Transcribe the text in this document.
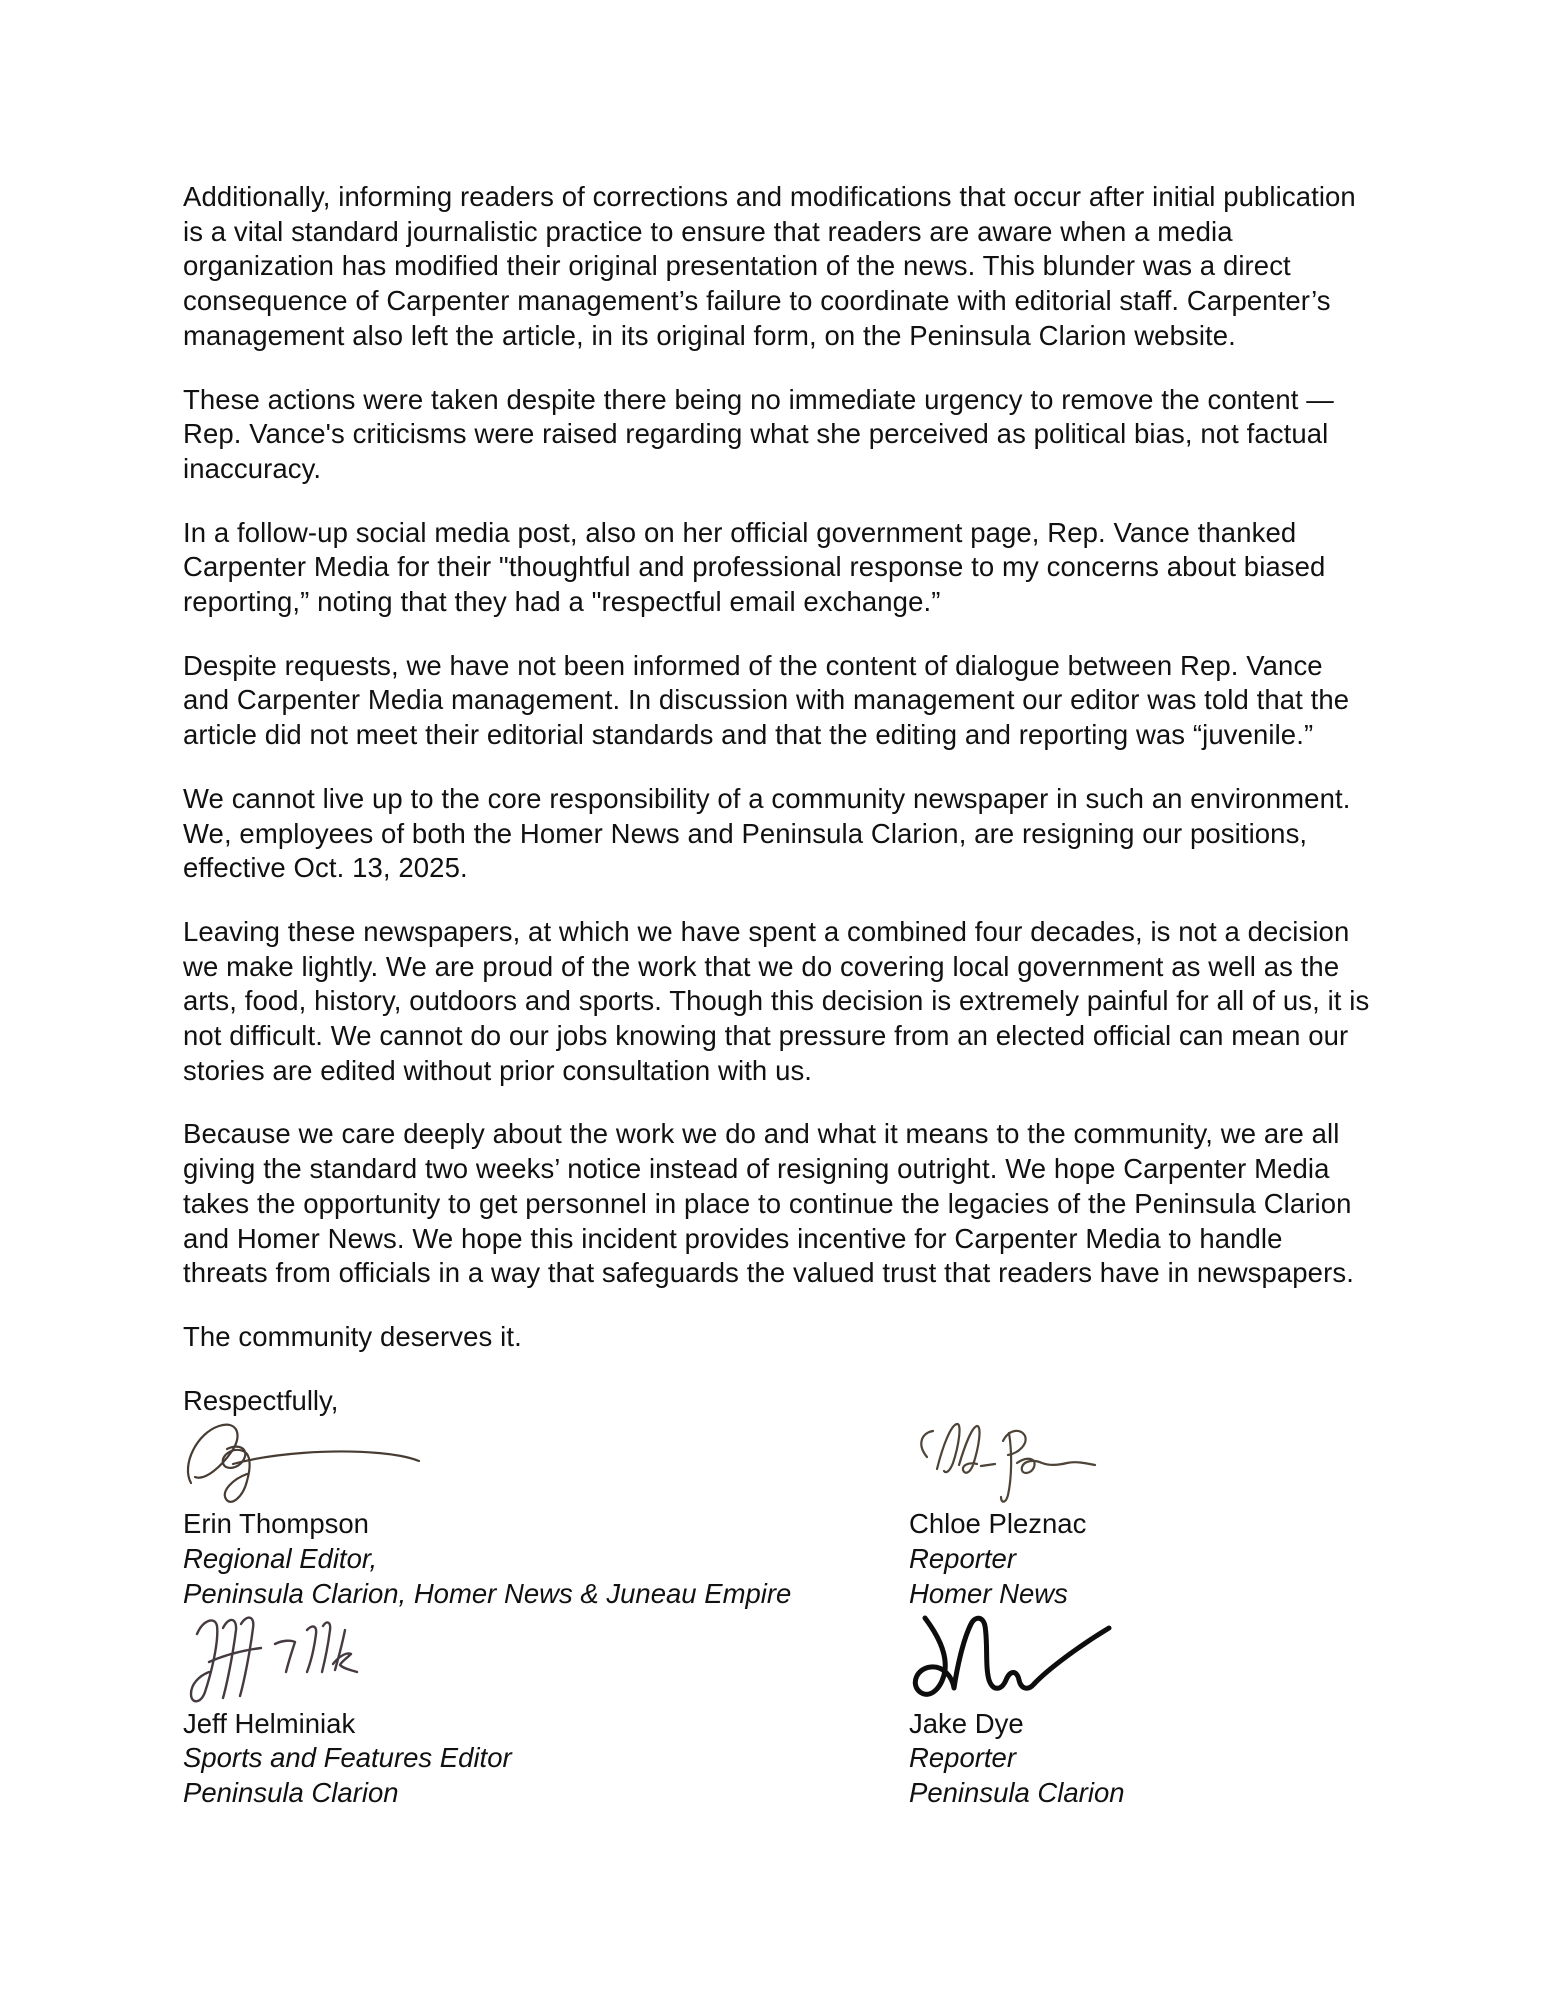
Additionally, informing readers of corrections and modifications that occur after initial publication is a vital standard journalistic practice to ensure that readers are aware when a media organization has modified their original presentation of the news. This blunder was a direct consequence of Carpenter management’s failure to coordinate with editorial staff. Carpenter’s management also left the article, in its original form, on the Peninsula Clarion website.

These actions were taken despite there being no immediate urgency to remove the content — Rep. Vance's criticisms were raised regarding what she perceived as political bias, not factual inaccuracy.

In a follow-up social media post, also on her official government page, Rep. Vance thanked Carpenter Media for their "thoughtful and professional response to my concerns about biased reporting,” noting that they had a "respectful email exchange.”

Despite requests, we have not been informed of the content of dialogue between Rep. Vance and Carpenter Media management. In discussion with management our editor was told that the article did not meet their editorial standards and that the editing and reporting was “juvenile.”

We cannot live up to the core responsibility of a community newspaper in such an environment. We, employees of both the Homer News and Peninsula Clarion, are resigning our positions, effective Oct. 13, 2025.

Leaving these newspapers, at which we have spent a combined four decades, is not a decision we make lightly. We are proud of the work that we do covering local government as well as the arts, food, history, outdoors and sports. Though this decision is extremely painful for all of us, it is not difficult. We cannot do our jobs knowing that pressure from an elected official can mean our stories are edited without prior consultation with us.

Because we care deeply about the work we do and what it means to the community, we are all giving the standard two weeks’ notice instead of resigning outright. We hope Carpenter Media takes the opportunity to get personnel in place to continue the legacies of the Peninsula Clarion and Homer News. We hope this incident provides incentive for Carpenter Media to handle threats from officials in a way that safeguards the valued trust that readers have in newspapers.

The community deserves it.

Respectfully,

Erin Thompson
Regional Editor,
Peninsula Clarion, Homer News & Juneau Empire
Chloe Pleznac
Reporter
Homer News
Jeff Helminiak
Sports and Features Editor
Peninsula Clarion
Jake Dye
Reporter
Peninsula Clarion
